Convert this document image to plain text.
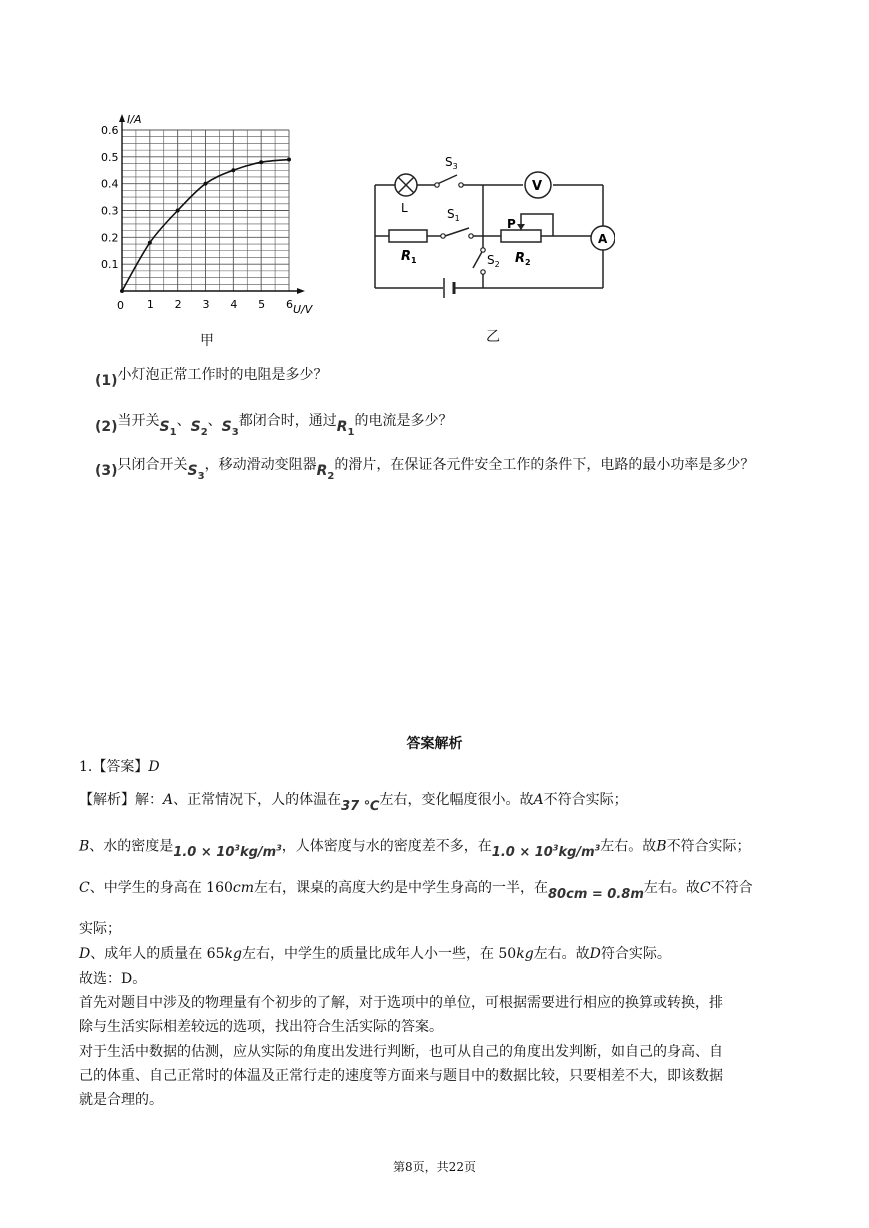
1 2 3 4 5 6
0.1
0.2
0.3
0.4
0.5
0.6
I/A
U/V
0
甲
V
A
L
$S_3$
$S_1$
$S_2$
$R_1$	$R_2$
P
乙
(1)小灯泡正常工作时的电阻是多少？
(2)当开关$S_1$、$S_2$、$S_3$都闭合时，通过$R_1$的电流是多少？
(3)只闭合开关$S_3$，移动滑动变阻器$R_2$的滑片，在保证各元件安全工作的条件下，电路的最小功率是多少？
答案解析
1.【答案】D
【解析】解：A、正常情况下，人的体温在37 ℃左右，变化幅度很小。故A不符合实际；
B、水的密度是$1.0 \times 10^3kg/m^3$，人体密度与水的密度差不多，在$1.0 \times 10^3kg/m^3$左右。故B不符合实际；
C、中学生的身高在 160cm左右，课桌的高度大约是中学生身高的一半，在80cm = 0.8m左右。故C不符合
实际；
D、成年人的质量在 65kg左右，中学生的质量比成年人小一些，在 50kg左右。故D符合实际。
故选：D。
首先对题目中涉及的物理量有个初步的了解，对于选项中的单位，可根据需要进行相应的换算或转换，排
除与生活实际相差较远的选项，找出符合生活实际的答案。
对于生活中数据的估测，应从实际的角度出发进行判断，也可从自己的角度出发判断，如自己的身高、自
己的体重、自己正常时的体温及正常行走的速度等方面来与题目中的数据比较，只要相差不大，即该数据
就是合理的。
第8页，共22页
